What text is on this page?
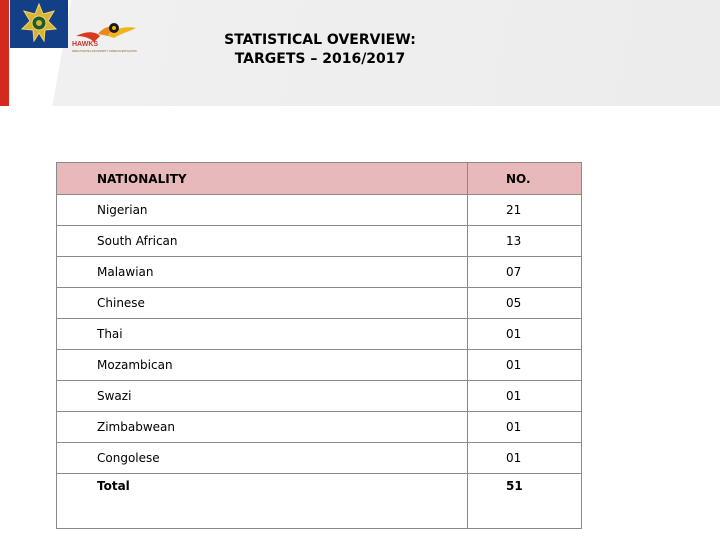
HAWKS
DIRECTORATE FOR PRIORITY CRIME INVESTIGATION
STATISTICAL OVERVIEW:
TARGETS – 2016/2017
NATIONALITY	NO.
Nigerian	21
South African	13
Malawian	07
Chinese	05
Thai	01
Mozambican	01
Swazi	01
Zimbabwean	01
Congolese	01
Total	51
